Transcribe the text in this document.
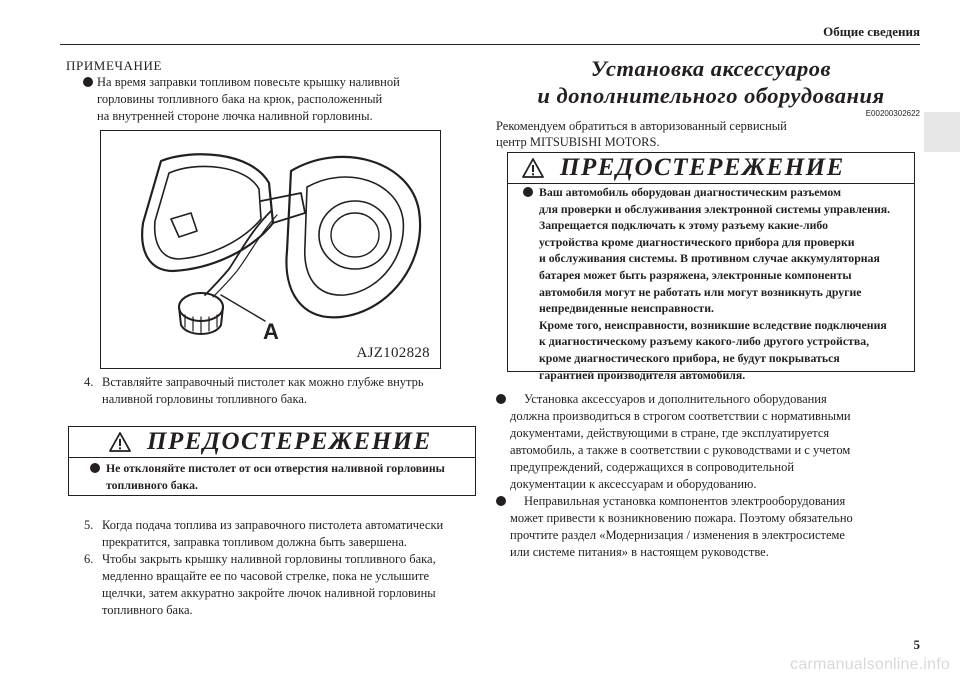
Общие сведения
5
carmanualsonline.info
ПРИМЕЧАНИЕ
На время заправки топливом повесьте крышку наливной
горловины топливного бака на крюк, расположенный
на внутренней стороне лючка наливной горловины.
A
AJZ102828
4. Вставляйте заправочный пистолет как можно глубже внутрь
наливной горловины топливного бака.
ПРЕДОСТЕРЕЖЕНИЕ
Не отклоняйте пистолет от оси отверстия наливной горловины
топливного бака.
5. Когда подача топлива из заправочного пистолета автоматически
прекратится, заправка топливом должна быть завершена.
6. Чтобы закрыть крышку наливной горловины топливного бака,
медленно вращайте ее по часовой стрелке, пока не услышите
щелчки, затем аккуратно закройте лючок наливной горловины
топливного бака.
Установка аксессуаров
и дополнительного оборудования
E00200302622
Рекомендуем обратиться в авторизованный сервисный
центр MITSUBISHI MOTORS.
ПРЕДОСТЕРЕЖЕНИЕ
Ваш автомобиль оборудован диагностическим разъемом
для проверки и обслуживания электронной системы управления.
Запрещается подключать к этому разъему какие-либо
устройства кроме диагностического прибора для проверки
и обслуживания системы. В противном случае аккумуляторная
батарея может быть разряжена, электронные компоненты
автомобиля могут не работать или могут возникнуть другие
непредвиденные неисправности.
Кроме того, неисправности, возникшие вследствие подключения
к диагностическому разъему какого-либо другого устройства,
кроме диагностического прибора, не будут покрываться
гарантией производителя автомобиля.
Установка аксессуаров и дополнительного оборудования
должна производиться в строгом соответствии с нормативными
документами, действующими в стране, где эксплуатируется
автомобиль, а также в соответствии с руководствами и с учетом
предупреждений, содержащихся в сопроводительной
документации к аксессуарам и оборудованию.
Неправильная установка компонентов электрооборудования
может привести к возникновению пожара. Поэтому обязательно
прочтите раздел «Модернизация / изменения в электросистеме
или системе питания» в настоящем руководстве.
